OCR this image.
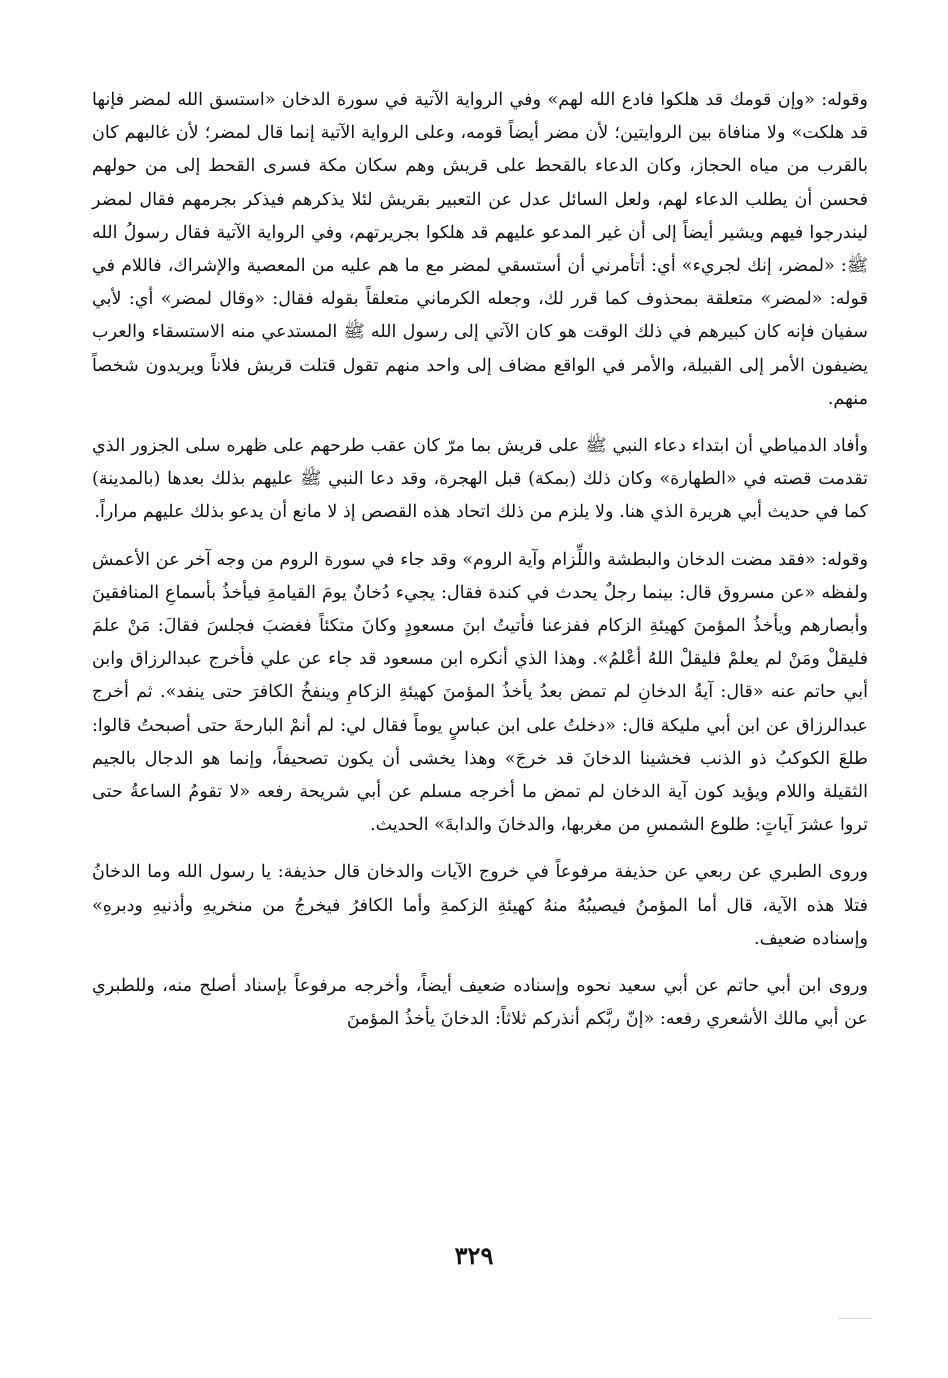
وقوله: «وإن قومك قد هلكوا فادع الله لهم» وفي الرواية الآتية في سورة الدخان «استسق الله لمضر فإنها قد هلكت» ولا منافاة بين الروايتين؛ لأن مضر أيضاً قومه، وعلى الرواية الآتية إنما قال لمضر؛ لأن غالبهم كان بالقرب من مياه الحجاز، وكان الدعاء بالقحط على قريش وهم سكان مكة فسرى القحط إلى من حولهم فحسن أن يطلب الدعاء لهم، ولعل السائل عدل عن التعبير بقريش لئلا يذكرهم فيذكر بجرمهم فقال لمضر ليندرجوا فيهم ويشير أيضاً إلى أن غير المدعو عليهم قد هلكوا بجريرتهم، وفي الرواية الآتية فقال رسولُ الله ﷺ: «لمضر، إنك لجريء» أي: أتأمرني أن أستسقي لمضر مع ما هم عليه من المعصية والإشراك، فاللام في قوله: «لمضر» متعلقة بمحذوف كما قرر لك، وجعله الكرماني متعلقاً بقوله فقال: «وقال لمضر» أي: لأبي سفيان فإنه كان كبيرهم في ذلك الوقت هو كان الآتي إلى رسول الله ﷺ المستدعي منه الاستسقاء والعرب يضيفون الأمر إلى القبيلة، والأمر في الواقع مضاف إلى واحد منهم تقول قتلت قريش فلاناً ويريدون شخصاً منهم.

وأفاد الدمياطي أن ابتداء دعاء النبي ﷺ على قريش بما مرّ كان عقب طرحهم على ظهره سلى الجزور الذي تقدمت قصته في «الطهارة» وكان ذلك (بمكة) قبل الهجرة، وقد دعا النبي ﷺ عليهم بذلك بعدها (بالمدينة) كما في حديث أبي هريرة الذي هنا. ولا يلزم من ذلك اتحاد هذه القصص إذ لا مانع أن يدعو بذلك عليهم مراراً.

وقوله: «فقد مضت الدخان والبطشة واللِّزام وآية الروم» وقد جاء في سورة الروم من وجه آخر عن الأعمش ولفظه «عن مسروق قال: بينما رجلٌ يحدث في كندة فقال: يجيء دُخانٌ يومَ القيامةِ فيأخذُ بأسماعِ المنافقينَ وأبصارهم ويأخذُ المؤمنَ كهيئةِ الزكام ففزعنا فأتيتُ ابنَ مسعودٍ وكانَ متكئاً فغضبَ فجلسَ فقالَ: مَنْ علمَ فليقلْ ومَنْ لم يعلمْ فليقلْ اللهُ أعْلمُ». وهذا الذي أنكره ابن مسعود قد جاء عن علي فأخرج عبدالرزاق وابن أبي حاتم عنه «قال: آيةُ الدخانِ لم تمض بعدُ يأخذُ المؤمنَ كهيئةِ الزكامِ وينفخُ الكافرَ حتى ينفد». ثم أخرج عبدالرزاق عن ابن أبي مليكة قال: «دخلتُ على ابن عباسٍ يوماً فقال لي: لم أنمْ البارحةَ حتى أصبحتُ قالوا: طلعَ الكوكبُ ذو الذنب فخشينا الدخانَ قد خرجَ» وهذا يخشى أن يكون تصحيفاً، وإنما هو الدجال بالجيم الثقيلة واللام ويؤيد كون آية الدخان لم تمض ما أخرجه مسلم عن أبي شريحة رفعه «لا تقومُ الساعةُ حتى تروا عشرَ آياتٍ: طلوع الشمسِ من مغربها، والدخانَ والدابةَ» الحديث.

وروى الطبري عن ربعي عن حذيفة مرفوعاً في خروج الآيات والدخان قال حذيفة: يا رسول الله وما الدخانُ فتلا هذه الآية، قال أما المؤمنُ فيصيبُهُ منهُ كهيئةِ الزكمةِ وأما الكافرُ فيخرجُ من منخريهِ وأذنيهِ ودبرهِ» وإسناده ضعيف.

وروى ابن أبي حاتم عن أبي سعيد نحوه وإسناده ضعيف أيضاً، وأخرجه مرفوعاً بإسناد أصلح منه، وللطبري عن أبي مالك الأشعري رفعه: «إنّ ربَّكم أنذركم ثلاثاً: الدخانَ يأخذُ المؤمنَ

٣٢٩
